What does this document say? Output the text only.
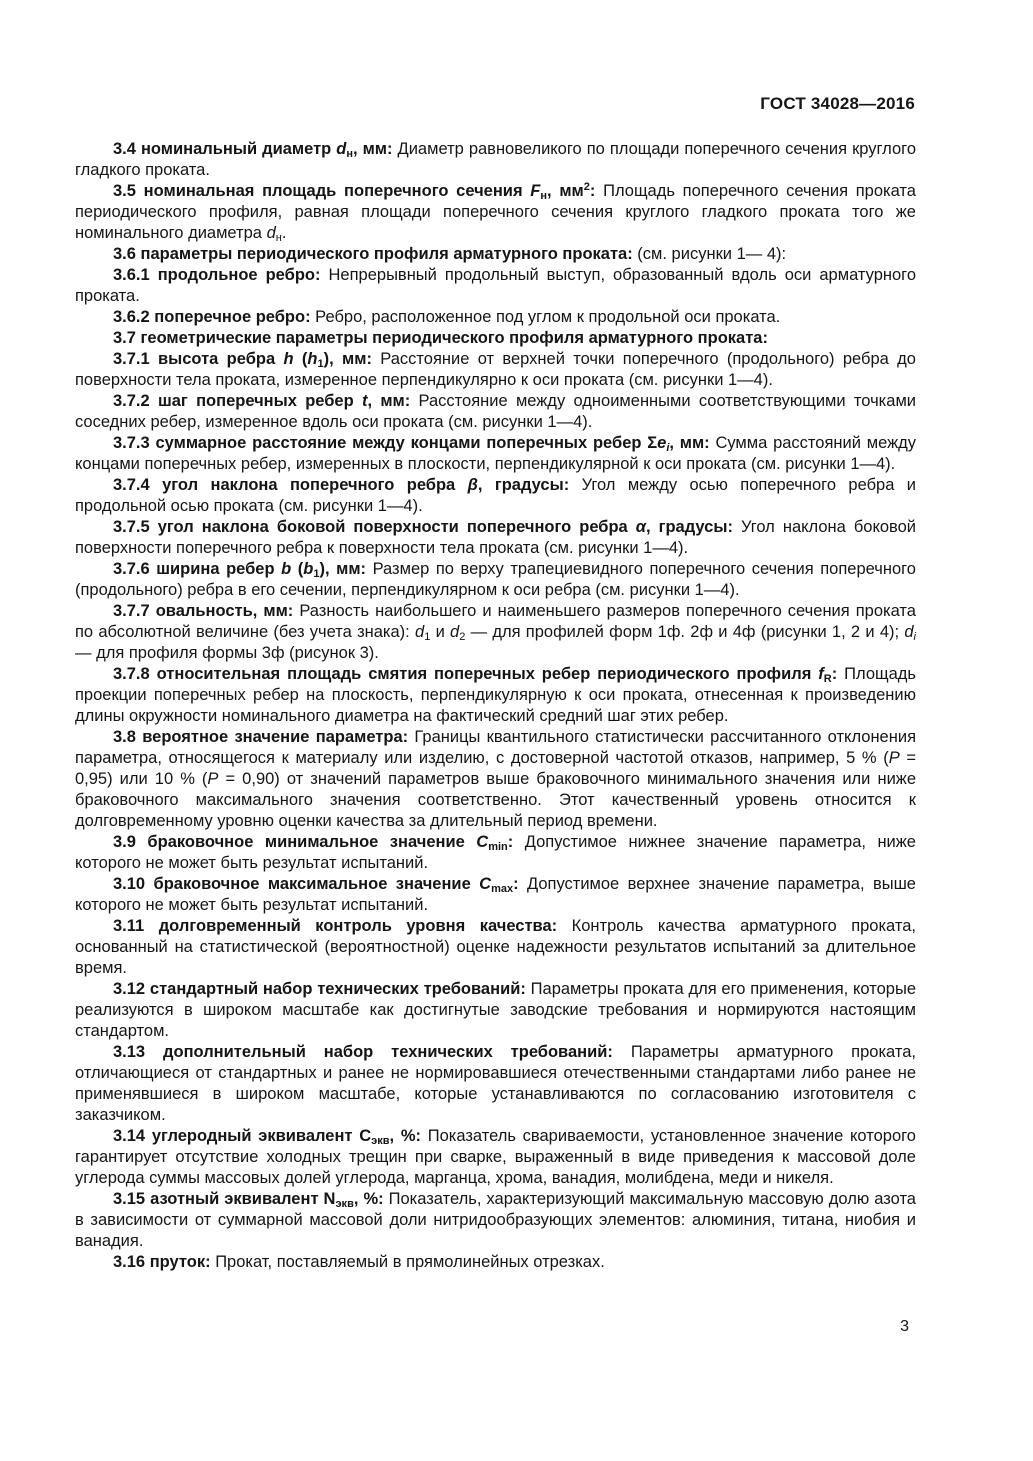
ГОСТ 34028—2016

3.4 номинальный диаметр $d_н$, мм: Диаметр равновеликого по площади поперечного сечения круглого гладкого проката.

3.5 номинальная площадь поперечного сечения $F_н$, $мм^2$: Площадь поперечного сечения проката периодического профиля, равная площади поперечного сечения круглого гладкого проката того же номинального диаметра $d_н$.

3.6 параметры периодического профиля арматурного проката: (см. рисунки 1— 4):

3.6.1 продольное ребро: Непрерывный продольный выступ, образованный вдоль оси арматурного проката.

3.6.2 поперечное ребро: Ребро, расположенное под углом к продольной оси проката.

3.7 геометрические параметры периодического профиля арматурного проката:

3.7.1 высота ребра h $(h_1)$, мм: Расстояние от верхней точки поперечного (продольного) ребра до поверхности тела проката, измеренное перпендикулярно к оси проката (см. рисунки 1—4).

3.7.2 шаг поперечных ребер t, мм: Расстояние между одноименными соответствующими точками соседних ребер, измеренное вдоль оси проката (см. рисунки 1—4).

3.7.3 суммарное расстояние между концами поперечных ребер $\Sigma e_i$, мм: Сумма расстояний между концами поперечных ребер, измеренных в плоскости, перпендикулярной к оси проката (см. рисунки 1—4).

3.7.4 угол наклона поперечного ребра β, градусы: Угол между осью поперечного ребра и продольной осью проката (см. рисунки 1—4).

3.7.5 угол наклона боковой поверхности поперечного ребра α, градусы: Угол наклона боковой поверхности поперечного ребра к поверхности тела проката (см. рисунки 1—4).

3.7.6 ширина ребер b $(b_1)$, мм: Размер по верху трапециевидного поперечного сечения поперечного (продольного) ребра в его сечении, перпендикулярном к оси ребра (см. рисунки 1—4).

3.7.7 овальность, мм: Разность наибольшего и наименьшего размеров поперечного сечения проката по абсолютной величине (без учета знака): $d_1$ и $d_2$ — для профилей форм 1ф. 2ф и 4ф (рисунки 1, 2 и 4); $d_i$ — для профиля формы 3ф (рисунок 3).

3.7.8 относительная площадь смятия поперечных ребер периодического профиля $f_R$: Площадь проекции поперечных ребер на плоскость, перпендикулярную к оси проката, отнесенная к произведению длины окружности номинального диаметра на фактический средний шаг этих ребер.

3.8 вероятное значение параметра: Границы квантильного статистически рассчитанного отклонения параметра, относящегося к материалу или изделию, с достоверной частотой отказов, например, 5 % (P = 0,95) или 10 % (P = 0,90) от значений параметров выше браковочного минимального значения или ниже браковочного максимального значения соответственно. Этот качественный уровень относится к долговременному уровню оценки качества за длительный период времени.

3.9 браковочное минимальное значение $C_{min}$: Допустимое нижнее значение параметра, ниже которого не может быть результат испытаний.

3.10 браковочное максимальное значение $C_{max}$: Допустимое верхнее значение параметра, выше которого не может быть результат испытаний.

3.11 долговременный контроль уровня качества: Контроль качества арматурного проката, основанный на статистической (вероятностной) оценке надежности результатов испытаний за длительное время.

3.12 стандартный набор технических требований: Параметры проката для его применения, которые реализуются в широком масштабе как достигнутые заводские требования и нормируются настоящим стандартом.

3.13 дополнительный набор технических требований: Параметры арматурного проката, отличающиеся от стандартных и ранее не нормировавшиеся отечественными стандартами либо ранее не применявшиеся в широком масштабе, которые устанавливаются по согласованию изготовителя с заказчиком.

3.14 углеродный эквивалент $C_{экв}$, %: Показатель свариваемости, установленное значение которого гарантирует отсутствие холодных трещин при сварке, выраженный в виде приведения к массовой доле углерода суммы массовых долей углерода, марганца, хрома, ванадия, молибдена, меди и никеля.

3.15 азотный эквивалент $N_{экв}$, %: Показатель, характеризующий максимальную массовую долю азота в зависимости от суммарной массовой доли нитридообразующих элементов: алюминия, титана, ниобия и ванадия.

3.16 пруток: Прокат, поставляемый в прямолинейных отрезках.

3
